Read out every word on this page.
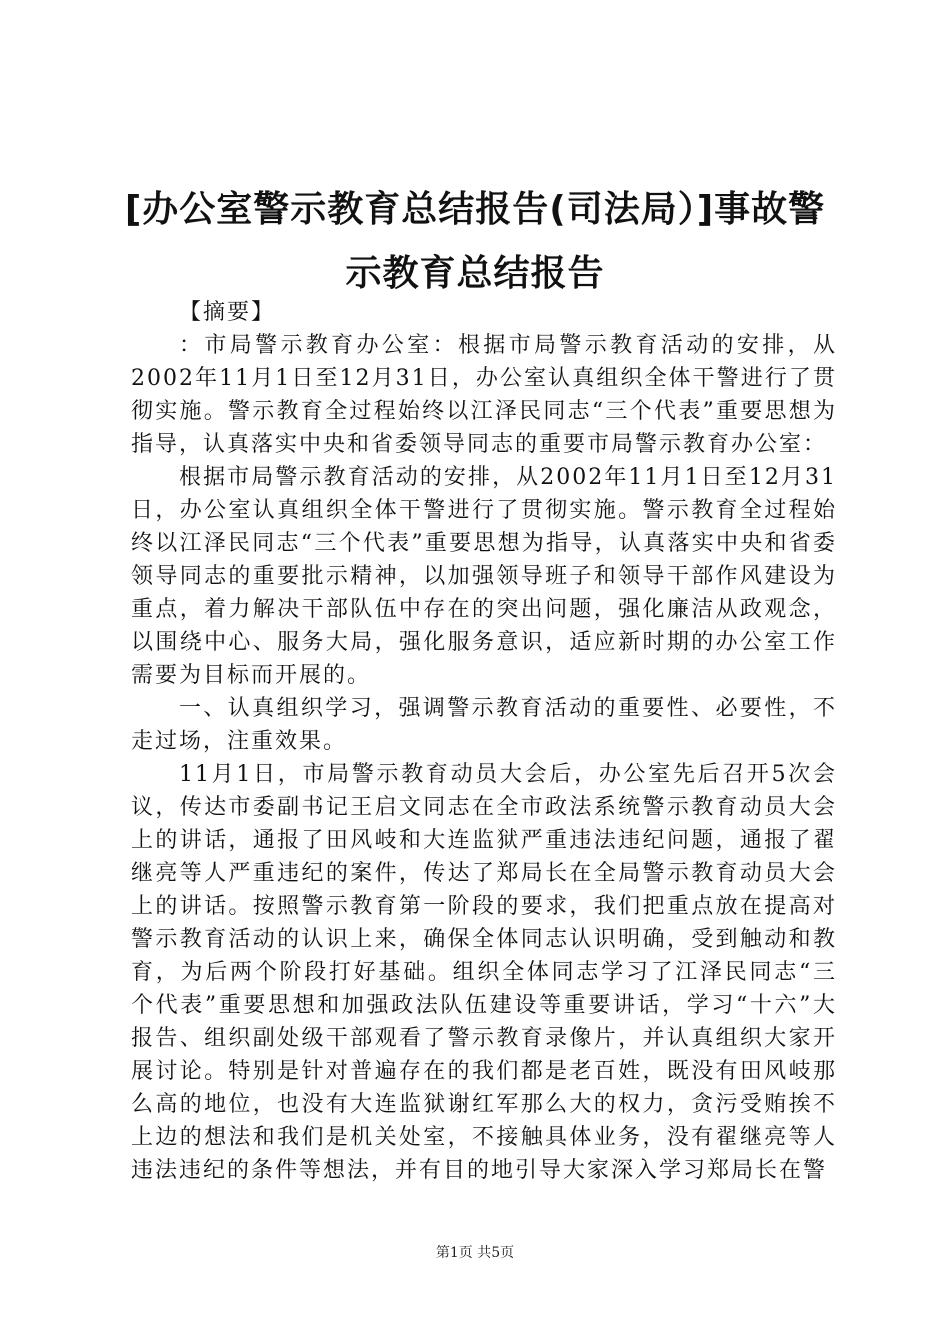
[办公室警示教育总结报告(司法局）]事故警示教育总结报告

【摘要】

：市局警示教育办公室：根据市局警示教育活动的安排，从2002年11月1日至12月31日，办公室认真组织全体干警进行了贯彻实施。警示教育全过程始终以江泽民同志“三个代表”重要思想为指导，认真落实中央和省委领导同志的重要市局警示教育办公室：

根据市局警示教育活动的安排，从2002年11月1日至12月31日，办公室认真组织全体干警进行了贯彻实施。警示教育全过程始终以江泽民同志“三个代表”重要思想为指导，认真落实中央和省委领导同志的重要批示精神，以加强领导班子和领导干部作风建设为重点，着力解决干部队伍中存在的突出问题，强化廉洁从政观念，以围绕中心、服务大局，强化服务意识，适应新时期的办公室工作需要为目标而开展的。

一、认真组织学习，强调警示教育活动的重要性、必要性，不走过场，注重效果。

11月1日，市局警示教育动员大会后，办公室先后召开5次会议，传达市委副书记王启文同志在全市政法系统警示教育动员大会上的讲话，通报了田风岐和大连监狱严重违法违纪问题，通报了翟继亮等人严重违纪的案件，传达了郑局长在全局警示教育动员大会上的讲话。按照警示教育第一阶段的要求，我们把重点放在提高对警示教育活动的认识上来，确保全体同志认识明确，受到触动和教育，为后两个阶段打好基础。组织全体同志学习了江泽民同志“三个代表”重要思想和加强政法队伍建设等重要讲话，学习“十六”大报告、组织副处级干部观看了警示教育录像片，并认真组织大家开展讨论。特别是针对普遍存在的我们都是老百姓，既没有田风岐那么高的地位，也没有大连监狱谢红军那么大的权力，贪污受贿挨不上边的想法和我们是机关处室，不接触具体业务，没有翟继亮等人违法违纪的条件等想法，并有目的地引导大家深入学习郑局长在警

第1页 共5页
